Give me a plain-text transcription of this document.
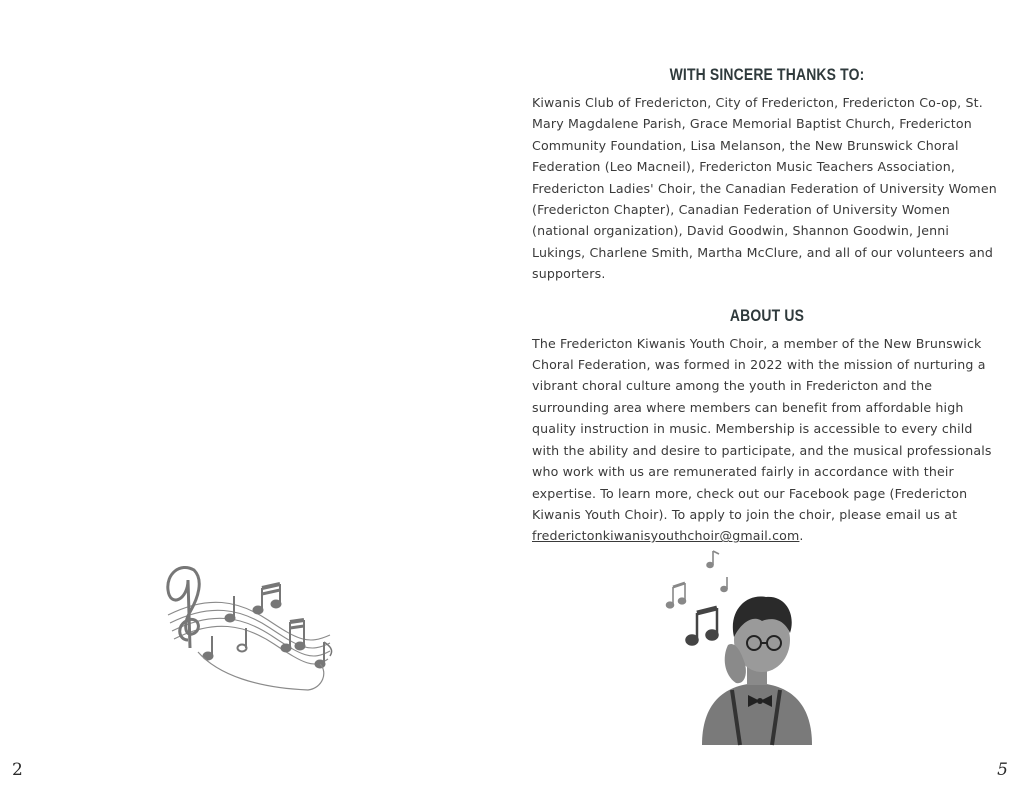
2
WITH SINCERE THANKS TO:

Kiwanis Club of Fredericton, City of Fredericton, Fredericton Co-op, St. Mary Magdalene Parish, Grace Memorial Baptist Church, Fredericton Community Foundation, Lisa Melanson, the New Brunswick Choral Federation (Leo Macneil), Fredericton Music Teachers Association, Fredericton Ladies' Choir, the Canadian Federation of University Women (Fredericton Chapter), Canadian Federation of University Women (national organization), David Goodwin, Shannon Goodwin, Jenni Lukings, Charlene Smith, Martha McClure, and all of our volunteers and supporters.

ABOUT US

The Fredericton Kiwanis Youth Choir, a member of the New Brunswick Choral Federation, was formed in 2022 with the mission of nurturing a vibrant choral culture among the youth in Fredericton and the surrounding area where members can benefit from affordable high quality instruction in music. Membership is accessible to every child with the ability and desire to participate, and the musical professionals who work with us are remunerated fairly in accordance with their expertise. To learn more, check out our Facebook page (Fredericton Kiwanis Youth Choir). To apply to join the choir, please email us at frederictonkiwanisyouthchoir@gmail.com.

5
